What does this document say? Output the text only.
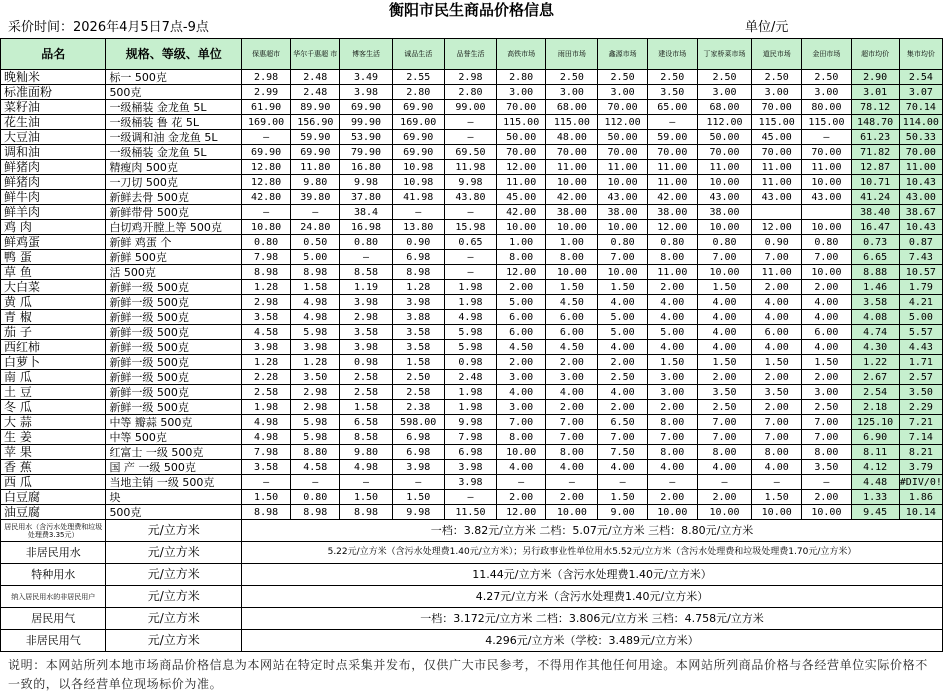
衡阳市民生商品价格信息
采价时间：2026年4月5日7点-9点	单位/元
品名	规格、等级、单位	保惠超市	华尔千惠超 市	博客生活	诚品生活	品誉生活	高铁市场	雨田市场	鑫源市场	建设市场	丁家桥菜市场	道民市场	金田市场	超市均价	集市均价
晚籼米	标一 500克	2.98	2.48	3.49	2.55	2.98	2.80	2.50	2.50	2.50	2.50	2.50	2.50	2.90	2.54
标准面粉	500克	2.99	2.48	3.98	2.80	2.80	3.00	3.00	3.00	3.50	3.00	3.00	3.00	3.01	3.07
菜籽油	一级桶装 金龙鱼 5L	61.90	89.90	69.90	69.90	99.00	70.00	68.00	70.00	65.00	68.00	70.00	80.00	78.12	70.14
花生油	一级桶装 鲁 花 5L	169.00	156.90	99.90	169.00	—	115.00	115.00	112.00	—	112.00	115.00	115.00	148.70	114.00
大豆油	一级调和油 金龙鱼 5L	—	59.90	53.90	69.90	—	50.00	48.00	50.00	59.00	50.00	45.00	—	61.23	50.33
调和油	一级桶装 金龙鱼 5L	69.90	69.90	79.90	69.90	69.50	70.00	70.00	70.00	70.00	70.00	70.00	70.00	71.82	70.00
鲜猪肉	精瘦肉 500克	12.80	11.80	16.80	10.98	11.98	12.00	11.00	11.00	11.00	11.00	11.00	11.00	12.87	11.00
鲜猪肉	一刀切 500克	12.80	9.80	9.98	10.98	9.98	11.00	10.00	10.00	11.00	10.00	11.00	10.00	10.71	10.43
鲜牛肉	新鲜去骨 500克	42.80	39.80	37.80	41.98	43.80	45.00	42.00	43.00	42.00	43.00	43.00	43.00	41.24	43.00
鲜羊肉	新鲜带骨 500克	—	—	38.4	—	—	42.00	38.00	38.00	38.00	38.00			38.40	38.67
鸡 肉	白切鸡开膛上等 500克	10.80	24.80	16.98	13.80	15.98	10.00	10.00	10.00	12.00	10.00	12.00	10.00	16.47	10.43
鲜鸡蛋	新鲜 鸡蛋 个	0.80	0.50	0.80	0.90	0.65	1.00	1.00	0.80	0.80	0.80	0.90	0.80	0.73	0.87
鸭 蛋	新鲜 500克	7.98	5.00	—	6.98	—	8.00	8.00	7.00	8.00	7.00	7.00	7.00	6.65	7.43
草 鱼	活 500克	8.98	8.98	8.58	8.98	—	12.00	10.00	10.00	11.00	10.00	11.00	10.00	8.88	10.57
大白菜	新鲜一级 500克	1.28	1.58	1.19	1.28	1.98	2.00	1.50	1.50	2.00	1.50	2.00	2.00	1.46	1.79
黄 瓜	新鲜一级 500克	2.98	4.98	3.98	3.98	1.98	5.00	4.50	4.00	4.00	4.00	4.00	4.00	3.58	4.21
青 椒	新鲜一级 500克	3.58	4.98	2.98	3.88	4.98	6.00	6.00	5.00	4.00	4.00	4.00	4.00	4.08	5.00
茄 子	新鲜一级 500克	4.58	5.98	3.58	3.58	5.98	6.00	6.00	5.00	5.00	4.00	6.00	6.00	4.74	5.57
西红柿	新鲜一级 500克	3.98	3.98	3.98	3.58	5.98	4.50	4.50	4.00	4.00	4.00	4.00	4.00	4.30	4.43
白萝卜	新鲜一级 500克	1.28	1.28	0.98	1.58	0.98	2.00	2.00	2.00	1.50	1.50	1.50	1.50	1.22	1.71
南 瓜	新鲜一级 500克	2.28	3.50	2.58	2.50	2.48	3.00	3.00	2.50	3.00	2.00	2.00	2.00	2.67	2.57
土 豆	新鲜一级 500克	2.58	2.98	2.58	2.58	1.98	4.00	4.00	4.00	3.00	3.50	3.50	3.00	2.54	3.50
冬 瓜	新鲜一级 500克	1.98	2.98	1.58	2.38	1.98	3.00	2.00	2.00	2.00	2.50	2.00	2.50	2.18	2.29
大 蒜	中等 瓣蒜 500克	4.98	5.98	6.58	598.00	9.98	7.00	7.00	6.50	8.00	7.00	7.00	7.00	125.10	7.21
生 姜	中等 500克	4.98	5.98	8.58	6.98	7.98	8.00	7.00	7.00	7.00	7.00	7.00	7.00	6.90	7.14
苹 果	红富士 一级 500克	7.98	8.80	9.80	6.98	6.98	10.00	8.00	7.50	8.00	8.00	8.00	8.00	8.11	8.21
香 蕉	国 产 一级 500克	3.58	4.58	4.98	3.98	3.98	4.00	4.00	4.00	4.00	4.00	4.00	3.50	4.12	3.79
西 瓜	当地主销 一级 500克	—	—	—	—	3.98	—	—	—	—	—	—	—	4.48	#DIV/0!
白豆腐	块	1.50	0.80	1.50	1.50	—	2.00	2.00	1.50	2.00	2.00	1.50	2.00	1.33	1.86
油豆腐	500克	8.98	8.98	8.98	9.98	11.50	12.00	10.00	9.00	10.00	10.00	10.00	10.00	9.45	10.14
居民用水（含污水处理费和垃圾处理费3.35元）	元/立方米	一档：3.82元/立方米 二档：5.07元/立方米 三档：8.80元/立方米													
非居民用水	元/立方米	5.22元/立方米（含污水处理费1.40元/立方米）；另行政事业性单位用水5.52元/立方米（含污水处理费和垃圾处理费1.70元/立方米）													
特种用水	元/立方米	11.44元/立方米（含污水处理费1.40元/立方米）													
纳入居民用水的非居民用户	元/立方米	4.27元/立方米（含污水处理费1.40元/立方米）													
居民用气	元/立方米	一档：3.172元/立方米 二档：3.806元/立方米 三档：4.758元/立方米													
非居民用气	元/立方米	4.296元/立方米（学校：3.489元/立方米）													
说明：本网站所列本地市场商品价格信息为本网站在特定时点采集并发布，仅供广大市民参考，不得用作其他任何用途。本网站所列商品价格与各经营单位实际价格不一致的，以各经营单位现场标价为准。
